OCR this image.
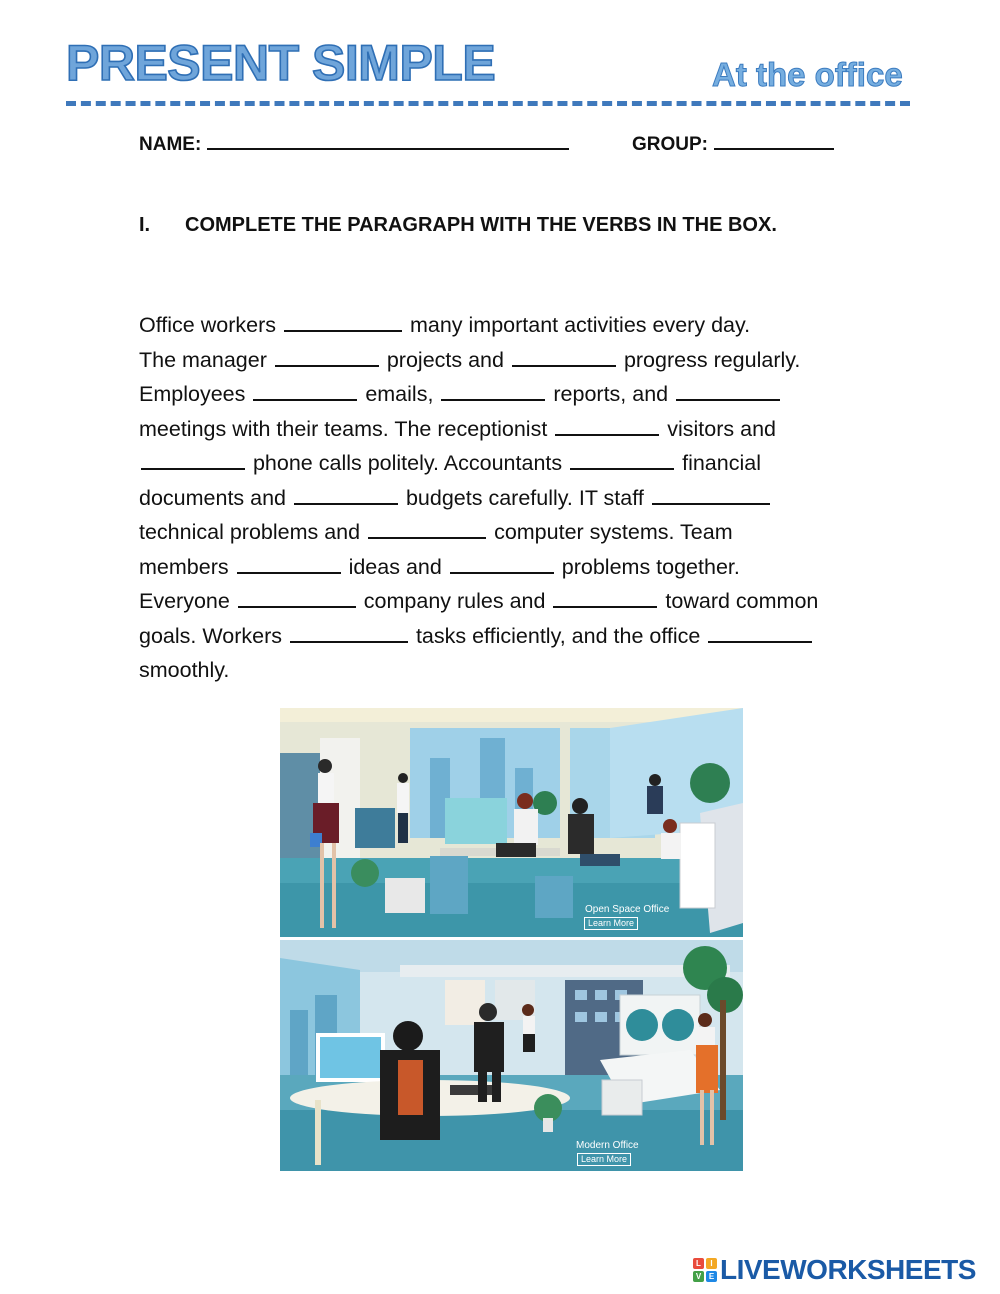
PRESENT SIMPLE	At the office
NAME:	GROUP:
I. COMPLETE THE PARAGRAPH WITH THE VERBS IN THE BOX.
Office workers	many important activities every day.
The manager	projects and	progress regularly.
Employees	emails,	reports, and
meetings with their teams. The receptionist	visitors and
phone calls politely. Accountants	financial
documents and	budgets carefully. IT staff
technical problems and	computer systems. Team
members	ideas and	problems together.
Everyone	company rules and	toward common
goals. Workers	tasks efficiently, and the office
smoothly.
Open Space Office
Learn More
Modern Office
Learn More
L	I
V E LIVEWORKSHEETS
